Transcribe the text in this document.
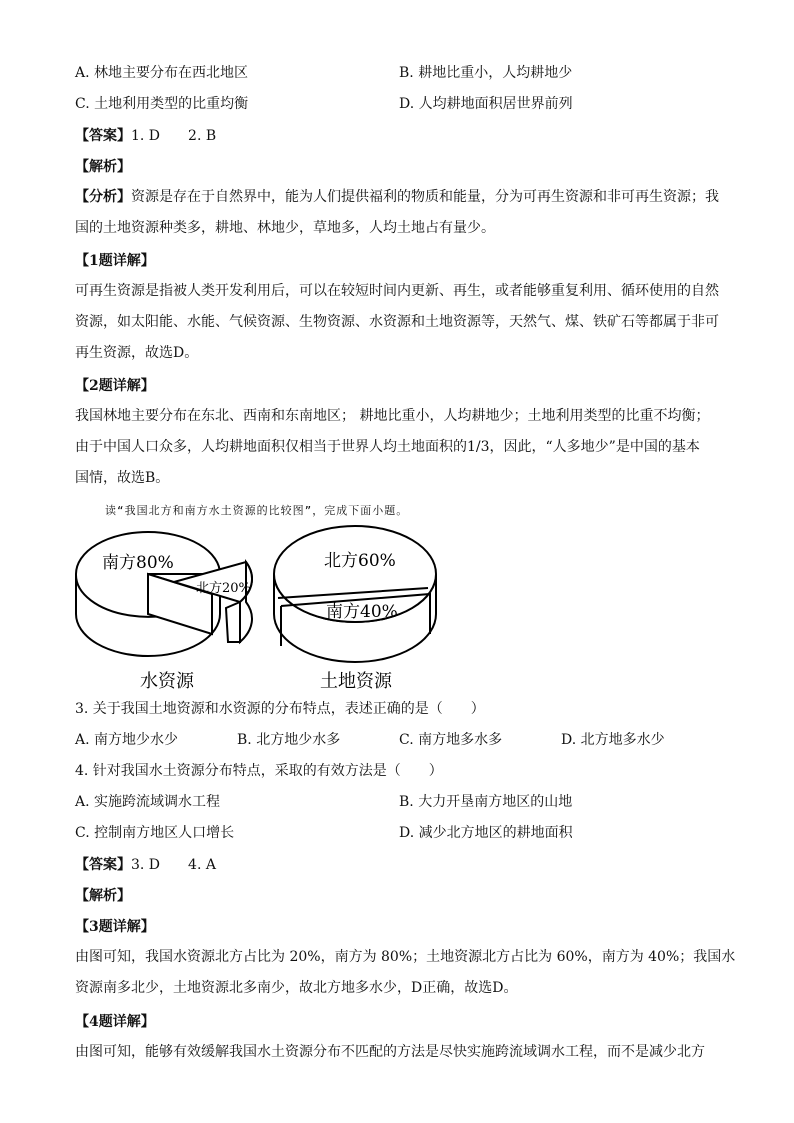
A. 林地主要分布在西北地区	B. 耕地比重小，人均耕地少
C. 土地利用类型的比重均衡	D. 人均耕地面积居世界前列
【答案】1. D　　2. B
【解析】
【分析】资源是存在于自然界中，能为人们提供福利的物质和能量，分为可再生资源和非可再生资源；我
国的土地资源种类多，耕地、林地少，草地多，人均土地占有量少。
【1题详解】
可再生资源是指被人类开发利用后，可以在较短时间内更新、再生，或者能够重复利用、循环使用的自然
资源，如太阳能、水能、气候资源、生物资源、水资源和土地资源等，天然气、煤、铁矿石等都属于非可
再生资源，故选D。
【2题详解】
我国林地主要分布在东北、西南和东南地区； 耕地比重小，人均耕地少；土地利用类型的比重不均衡；
由于中国人口众多，人均耕地面积仅相当于世界人均土地面积的1/3，因此，“人多地少”是中国的基本
国情，故选B。
读“我国北方和南方水土资源的比较图”，完成下面小题。
南方80%
北方20%
水资源
北方60%
南方40%
土地资源
3. 关于我国土地资源和水资源的分布特点，表述正确的是（　　）
A. 南方地少水少	B. 北方地少水多	C. 南方地多水多	D. 北方地多水少
4. 针对我国水土资源分布特点，采取的有效方法是（　　）
A. 实施跨流域调水工程	B. 大力开垦南方地区的山地
C. 控制南方地区人口增长	D. 减少北方地区的耕地面积
【答案】3. D　　4. A
【解析】
【3题详解】
由图可知，我国水资源北方占比为 20%，南方为 80%；土地资源北方占比为 60%，南方为 40%；我国水
资源南多北少，土地资源北多南少，故北方地多水少，D正确，故选D。
【4题详解】
由图可知，能够有效缓解我国水土资源分布不匹配的方法是尽快实施跨流域调水工程，而不是减少北方
